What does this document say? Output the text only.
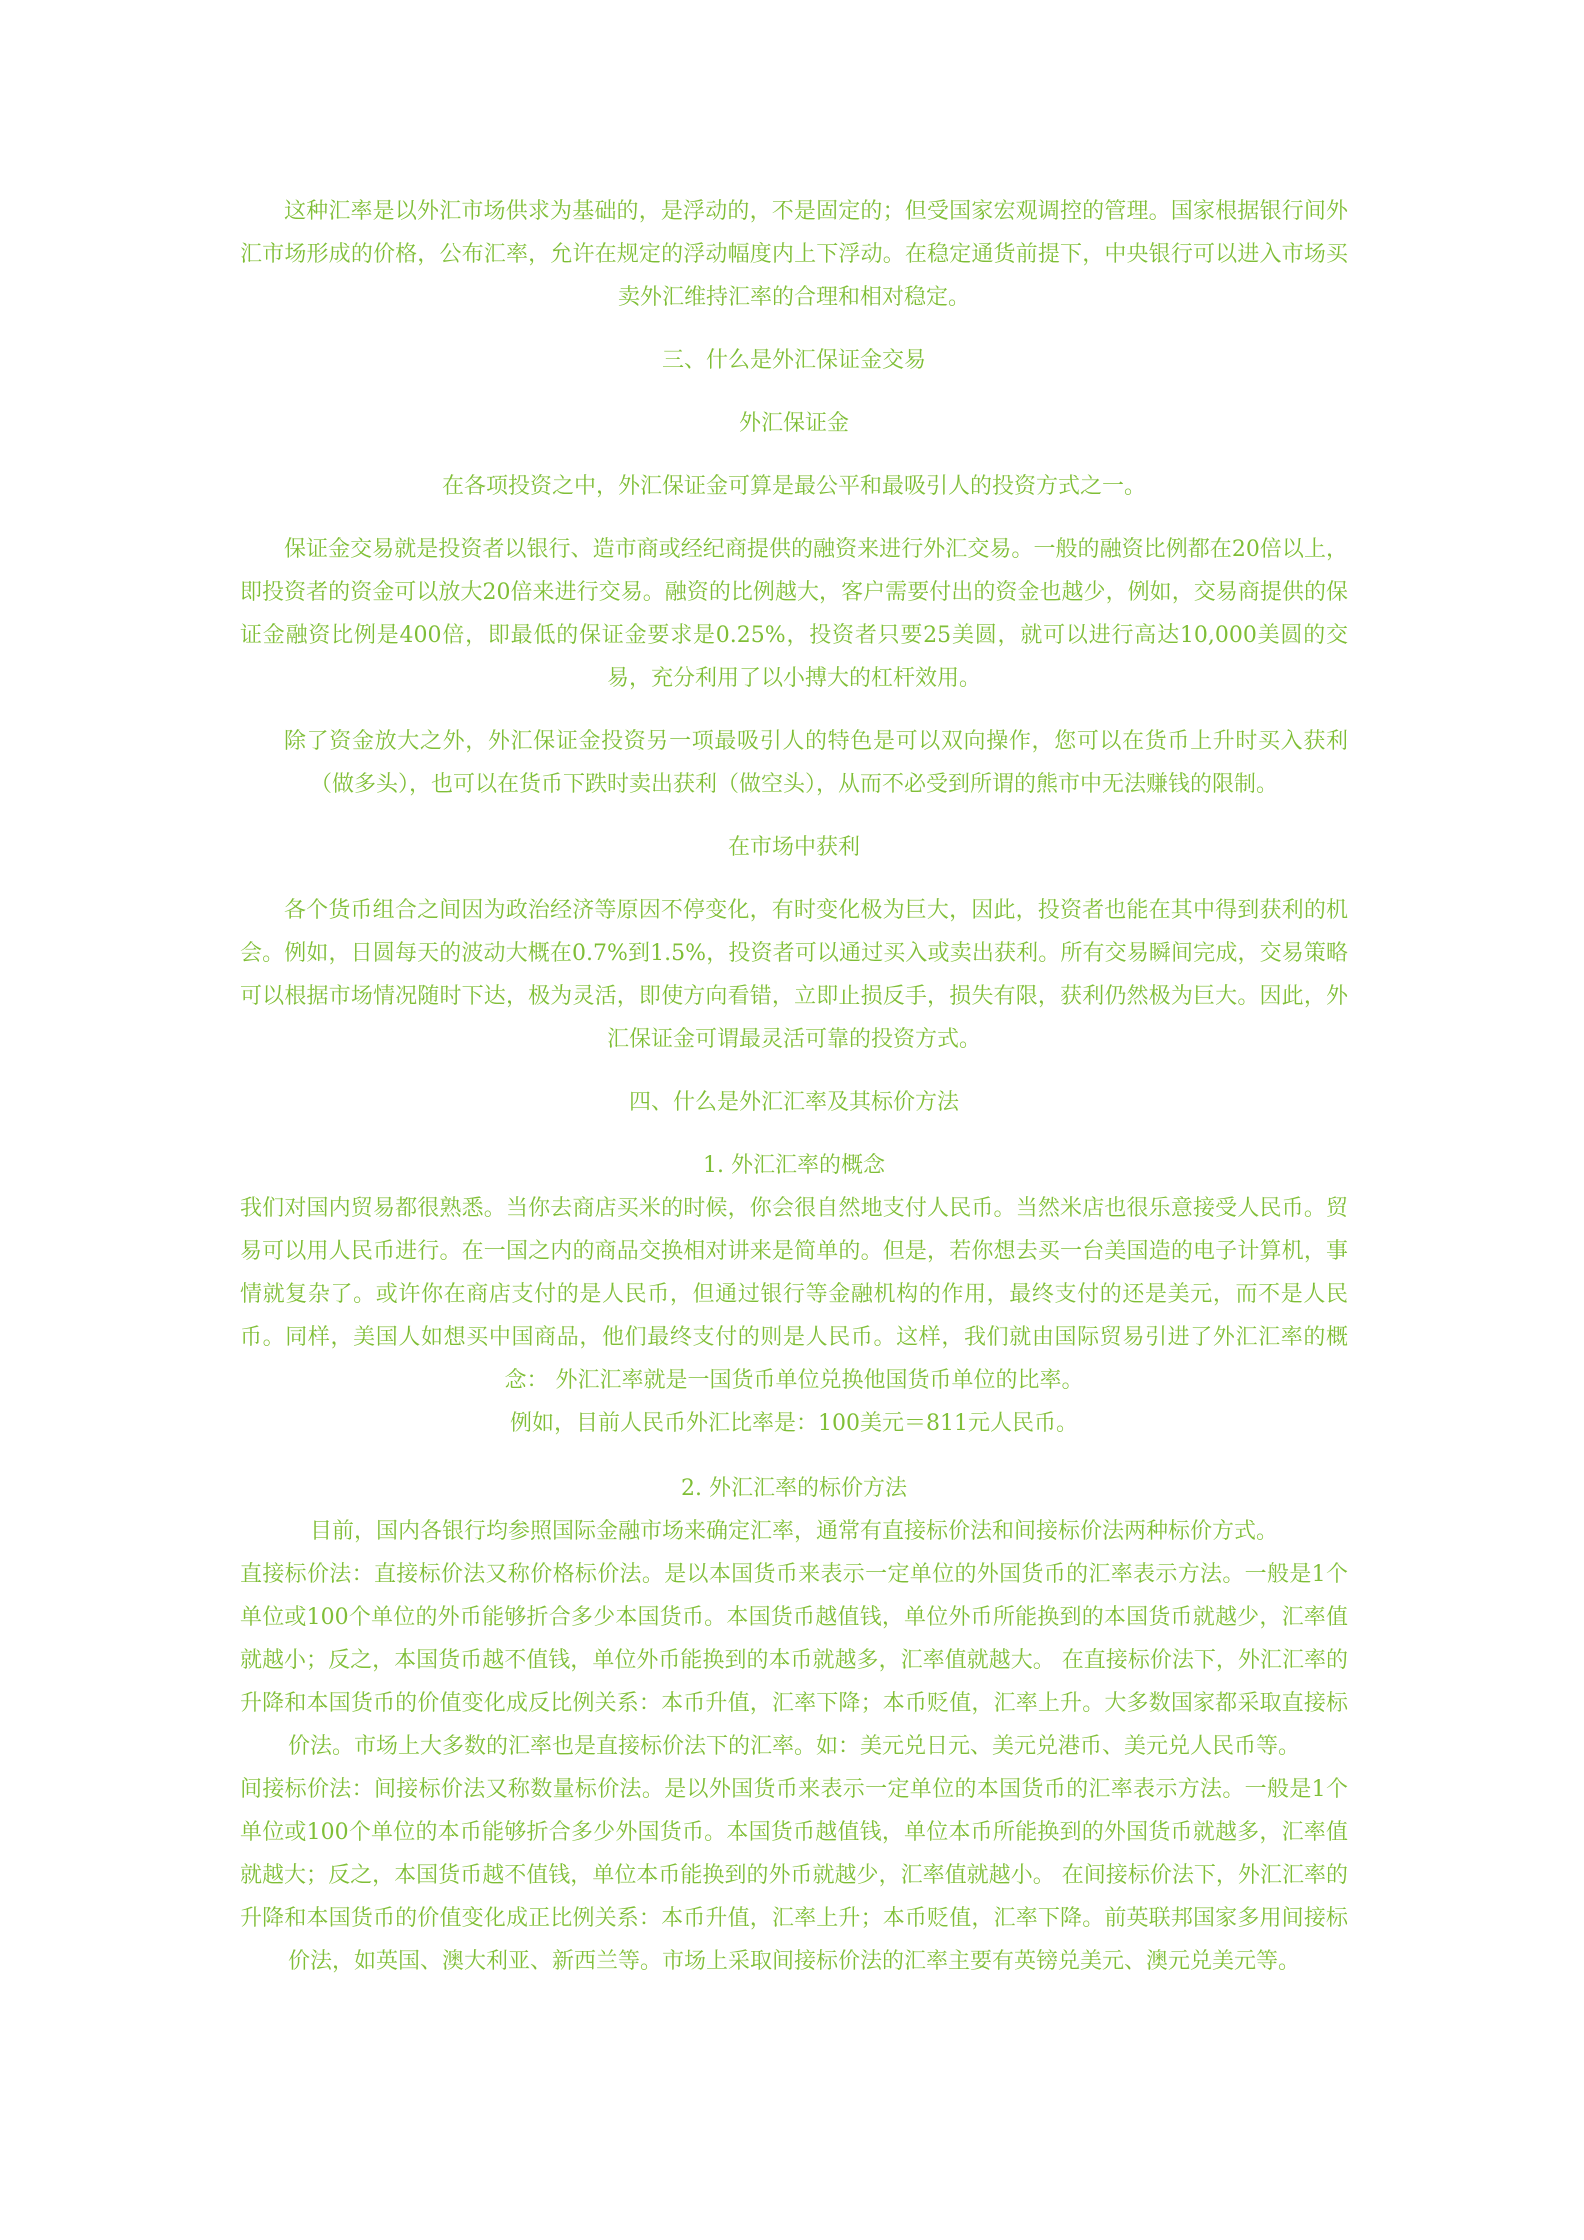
这种汇率是以外汇市场供求为基础的，是浮动的，不是固定的；但受国家宏观调控的管理。国家根据银行间外汇市场形成的价格，公布汇率，允许在规定的浮动幅度内上下浮动。在稳定通货前提下，中央银行可以进入市场买卖外汇维持汇率的合理和相对稳定。

三、什么是外汇保证金交易

外汇保证金

在各项投资之中，外汇保证金可算是最公平和最吸引人的投资方式之一。

保证金交易就是投资者以银行、造市商或经纪商提供的融资来进行外汇交易。一般的融资比例都在20倍以上，即投资者的资金可以放大20倍来进行交易。融资的比例越大，客户需要付出的资金也越少，例如，交易商提供的保证金融资比例是400倍，即最低的保证金要求是0.25%，投资者只要25美圆，就可以进行高达10,000美圆的交易，充分利用了以小搏大的杠杆效用。

除了资金放大之外，外汇保证金投资另一项最吸引人的特色是可以双向操作，您可以在货币上升时买入获利（做多头），也可以在货币下跌时卖出获利（做空头），从而不必受到所谓的熊市中无法赚钱的限制。

在市场中获利

各个货币组合之间因为政治经济等原因不停变化，有时变化极为巨大，因此，投资者也能在其中得到获利的机会。例如，日圆每天的波动大概在0.7%到1.5%，投资者可以通过买入或卖出获利。所有交易瞬间完成，交易策略可以根据市场情况随时下达，极为灵活，即使方向看错，立即止损反手，损失有限，获利仍然极为巨大。因此，外汇保证金可谓最灵活可靠的投资方式。

四、什么是外汇汇率及其标价方法

1. 外汇汇率的概念

我们对国内贸易都很熟悉。当你去商店买米的时候，你会很自然地支付人民币。当然米店也很乐意接受人民币。贸易可以用人民币进行。在一国之内的商品交换相对讲来是简单的。但是，若你想去买一台美国造的电子计算机，事情就复杂了。或许你在商店支付的是人民币，但通过银行等金融机构的作用，最终支付的还是美元，而不是人民币。同样，美国人如想买中国商品，他们最终支付的则是人民币。这样，我们就由国际贸易引进了外汇汇率的概念： 外汇汇率就是一国货币单位兑换他国货币单位的比率。

例如，目前人民币外汇比率是：100美元＝811元人民币。

2. 外汇汇率的标价方法

目前，国内各银行均参照国际金融市场来确定汇率，通常有直接标价法和间接标价法两种标价方式。

直接标价法：直接标价法又称价格标价法。是以本国货币来表示一定单位的外国货币的汇率表示方法。一般是1个单位或100个单位的外币能够折合多少本国货币。本国货币越值钱，单位外币所能换到的本国货币就越少，汇率值就越小；反之，本国货币越不值钱，单位外币能换到的本币就越多，汇率值就越大。 在直接标价法下，外汇汇率的升降和本国货币的价值变化成反比例关系：本币升值，汇率下降；本币贬值，汇率上升。大多数国家都采取直接标价法。市场上大多数的汇率也是直接标价法下的汇率。如：美元兑日元、美元兑港币、美元兑人民币等。

间接标价法：间接标价法又称数量标价法。是以外国货币来表示一定单位的本国货币的汇率表示方法。一般是1个单位或100个单位的本币能够折合多少外国货币。本国货币越值钱，单位本币所能换到的外国货币就越多，汇率值就越大；反之，本国货币越不值钱，单位本币能换到的外币就越少，汇率值就越小。 在间接标价法下，外汇汇率的升降和本国货币的价值变化成正比例关系：本币升值，汇率上升；本币贬值，汇率下降。前英联邦国家多用间接标价法，如英国、澳大利亚、新西兰等。市场上采取间接标价法的汇率主要有英镑兑美元、澳元兑美元等。
